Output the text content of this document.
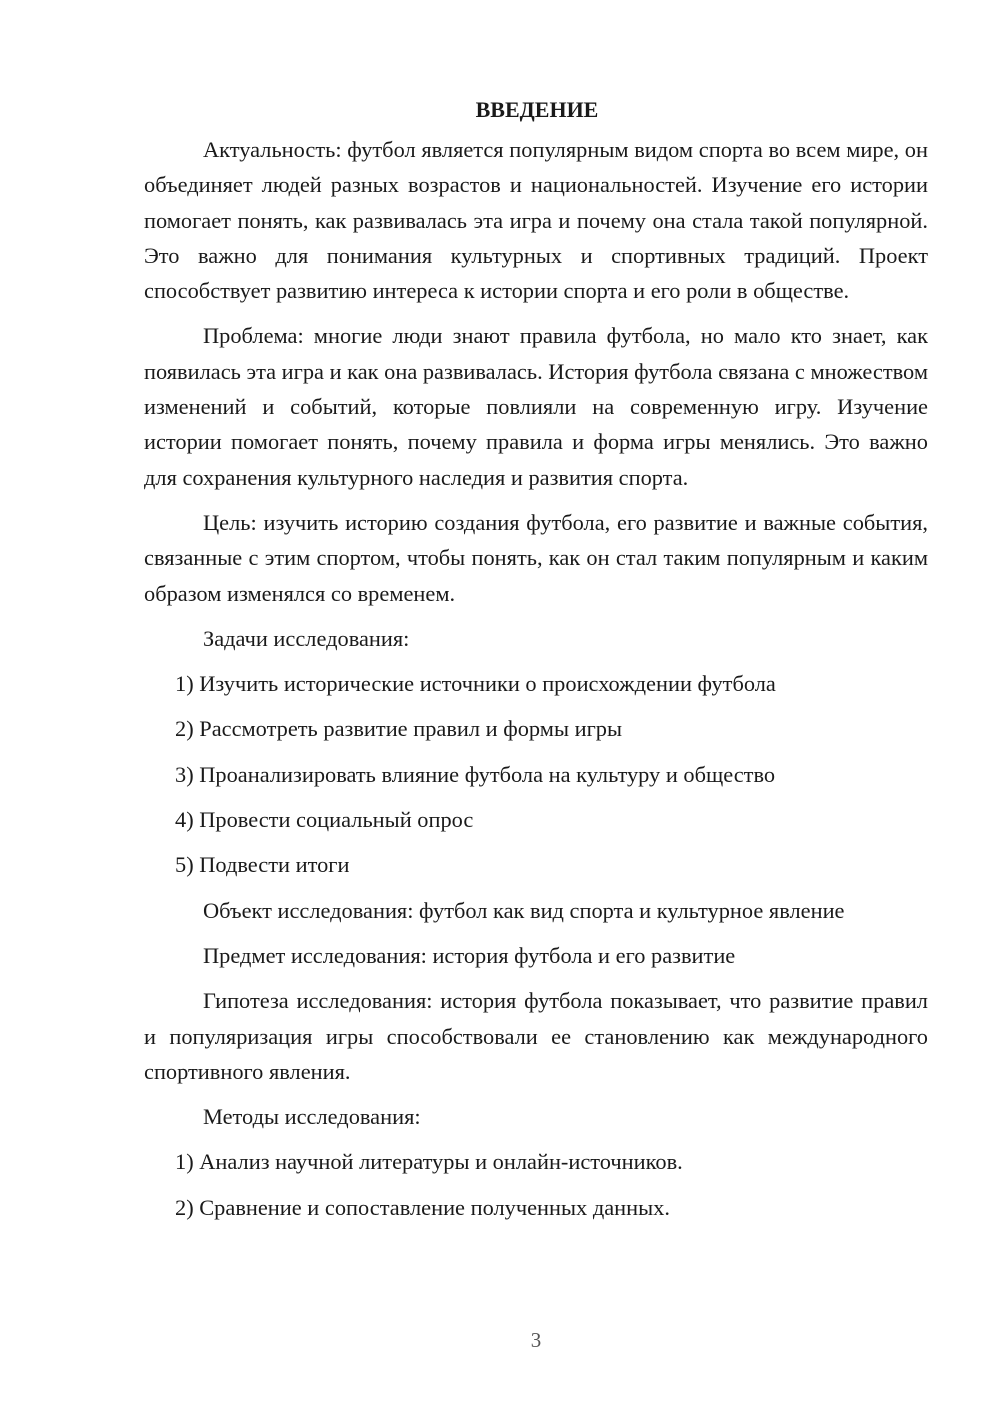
ВВЕДЕНИЕ

Актуальность: футбол является популярным видом спорта во всем мире, он объединяет людей разных возрастов и национальностей. Изучение его истории помогает понять, как развивалась эта игра и почему она стала такой популярной. Это важно для понимания культурных и спортивных традиций. Проект способствует развитию интереса к истории спорта и его роли в обществе.

Проблема: многие люди знают правила футбола, но мало кто знает, как появилась эта игра и как она развивалась. История футбола связана с множеством изменений и событий, которые повлияли на современную игру. Изучение истории помогает понять, почему правила и форма игры менялись. Это важно для сохранения культурного наследия и развития спорта.

Цель: изучить историю создания футбола, его развитие и важные события, связанные с этим спортом, чтобы понять, как он стал таким популярным и каким образом изменялся со временем.

Задачи исследования:

1) Изучить исторические источники о происхождении футбола
2) Рассмотреть развитие правил и формы игры
3) Проанализировать влияние футбола на культуру и общество
4) Провести социальный опрос
5) Подвести итоги

Объект исследования: футбол как вид спорта и культурное явление

Предмет исследования: история футбола и его развитие

Гипотеза исследования: история футбола показывает, что развитие правил и популяризация игры способствовали ее становлению как международного спортивного явления.

Методы исследования:

1) Анализ научной литературы и онлайн-источников.
2) Сравнение и сопоставление полученных данных.
3
